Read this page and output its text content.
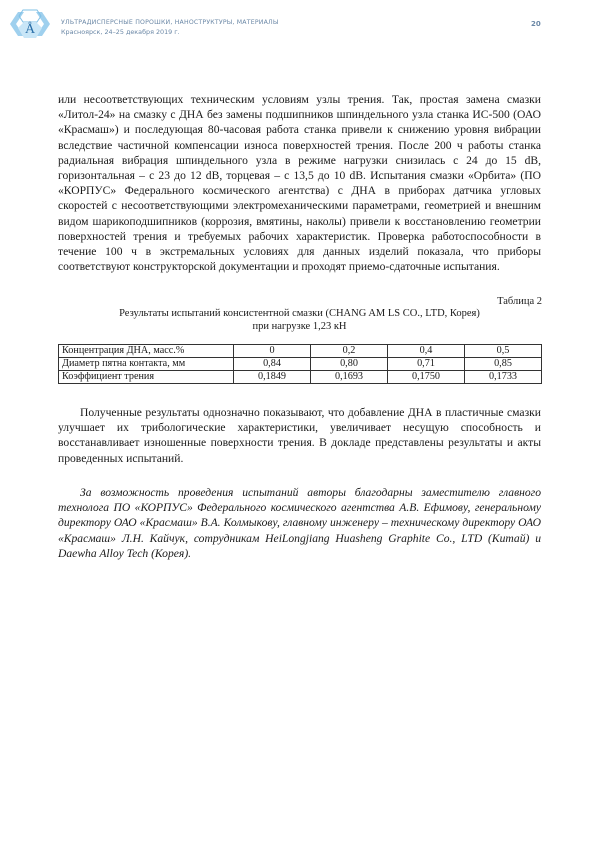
Å	УЛЬТРАДИСПЕРСНЫЕ ПОРОШКИ, НАНОСТРУКТУРЫ, МАТЕРИАЛЫ
Красноярск, 24–25 декабря 2019 г.
20
или несоответствующих техническим условиям узлы трения. Так, простая замена смазки «Литол-24» на смазку с ДНА без замены подшипников шпиндельного узла станка ИС-500 (ОАО «Красмаш») и последующая 80-часовая работа станка привели к снижению уровня вибрации вследствие частичной компенсации износа поверхностей трения. После 200 ч работы станка радиальная вибрация шпиндельного узла в режиме нагрузки снизилась с 24 до 15 dB, горизонтальная – с 23 до 12 dB, торцевая – с 13,5 до 10 dB. Испытания смазки «Орбита» (ПО «КОРПУС» Федерального космического агентства) с ДНА в приборах датчика угловых скоростей с несоответствующими электромеханическими параметрами, геометрией и внешним видом шарикоподшипников (коррозия, вмятины, наколы) привели к восстановлению геометрии поверхностей трения и требуемых рабочих характеристик. Проверка работоспособности в течение 100 ч в экстремальных условиях для данных изделий показала, что приборы соответствуют конструкторской документации и проходят приемо-сдаточные испытания.
Таблица 2
Результаты испытаний консистентной смазки (CHANG AM LS CO., LTD, Корея)
при нагрузке 1,23 кН
Концентрация ДНА, масс.%	0	0,2	0,4	0,5
Диаметр пятна контакта, мм	0,84	0,80	0,71	0,85
Коэффициент трения	0,1849	0,1693	0,1750	0,1733
Полученные результаты однозначно показывают, что добавление ДНА в пластичные смазки улучшает их трибологические характеристики, увеличивает несущую способность и восстанавливает изношенные поверхности трения. В докладе представлены результаты и акты проведенных испытаний.
За возможность проведения испытаний авторы благодарны заместителю главного технолога ПО «КОРПУС» Федерального космического агентства А.В. Ефимову, генеральному директору ОАО «Красмаш» В.А. Колмыкову, главному инженеру – техническому директору ОАО «Красмаш» Л.Н. Кайчук, сотрудникам HeiLongjiang Huasheng Graphite Co., LTD (Китай) и Daewha Alloy Tech (Корея).
